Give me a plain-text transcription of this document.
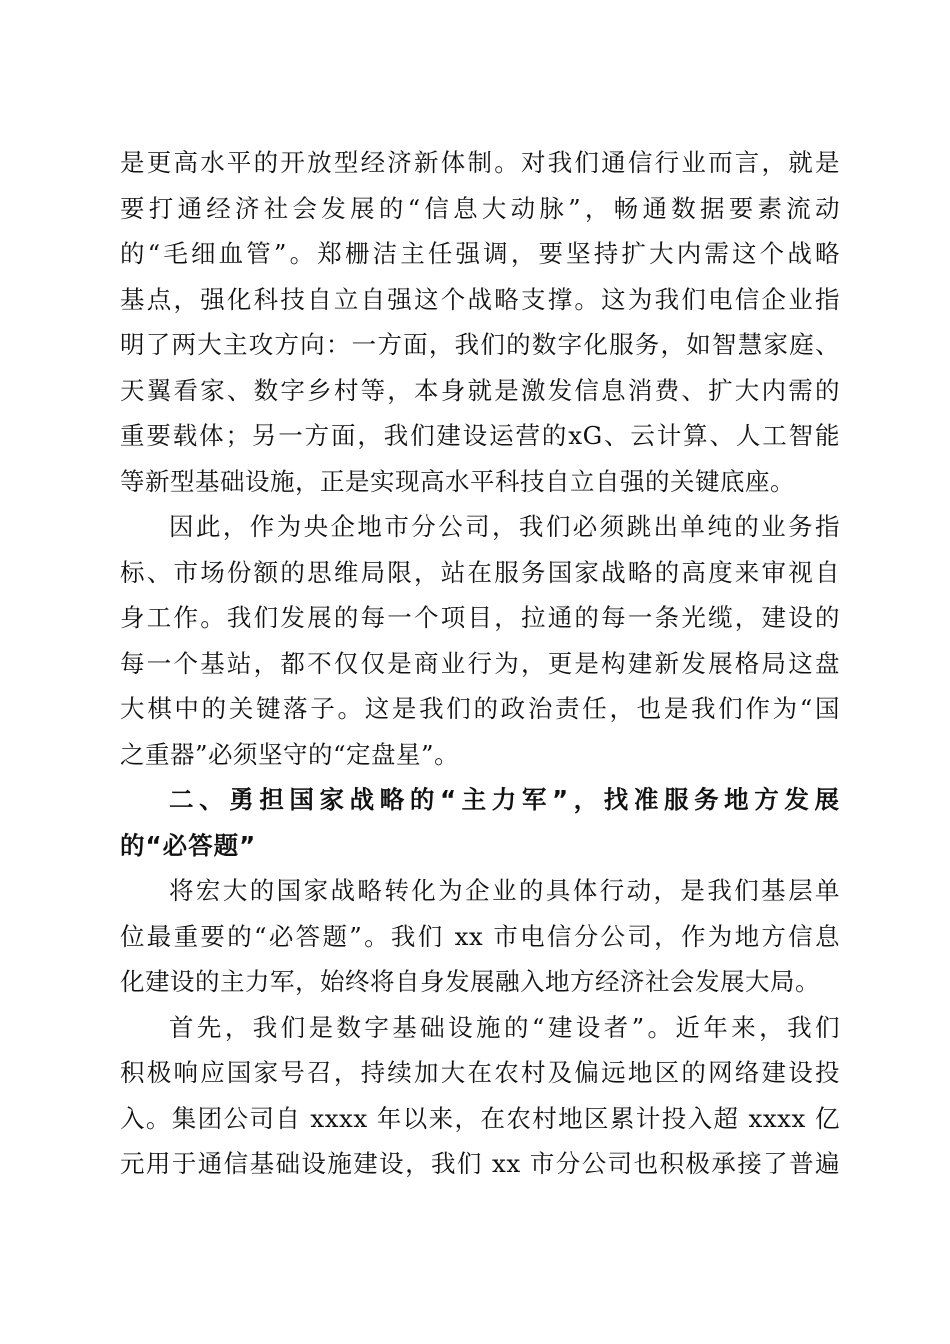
是更高水平的开放型经济新体制。对我们通信行业而言，就是
要打通经济社会发展的“信息大动脉”，畅通数据要素流动
的“毛细血管”。郑栅洁主任强调，要坚持扩大内需这个战略
基点，强化科技自立自强这个战略支撑。这为我们电信企业指
明了两大主攻方向：一方面，我们的数字化服务，如智慧家庭、
天翼看家、数字乡村等，本身就是激发信息消费、扩大内需的
重要载体；另一方面，我们建设运营的xG、云计算、人工智能
等新型基础设施，正是实现高水平科技自立自强的关键底座。
因此，作为央企地市分公司，我们必须跳出单纯的业务指
标、市场份额的思维局限，站在服务国家战略的高度来审视自
身工作。我们发展的每一个项目，拉通的每一条光缆，建设的
每一个基站，都不仅仅是商业行为，更是构建新发展格局这盘
大棋中的关键落子。这是我们的政治责任，也是我们作为“国
之重器”必须坚守的“定盘星”。
二、勇担国家战略的“主力军”，找准服务地方发展
的“必答题”
将宏大的国家战略转化为企业的具体行动，是我们基层单
位最重要的“必答题”。我们 xx 市电信分公司，作为地方信息
化建设的主力军，始终将自身发展融入地方经济社会发展大局。
首先，我们是数字基础设施的“建设者”。近年来，我们
积极响应国家号召，持续加大在农村及偏远地区的网络建设投
入。集团公司自 xxxx 年以来，在农村地区累计投入超 xxxx 亿
元用于通信基础设施建设，我们 xx 市分公司也积极承接了普遍
